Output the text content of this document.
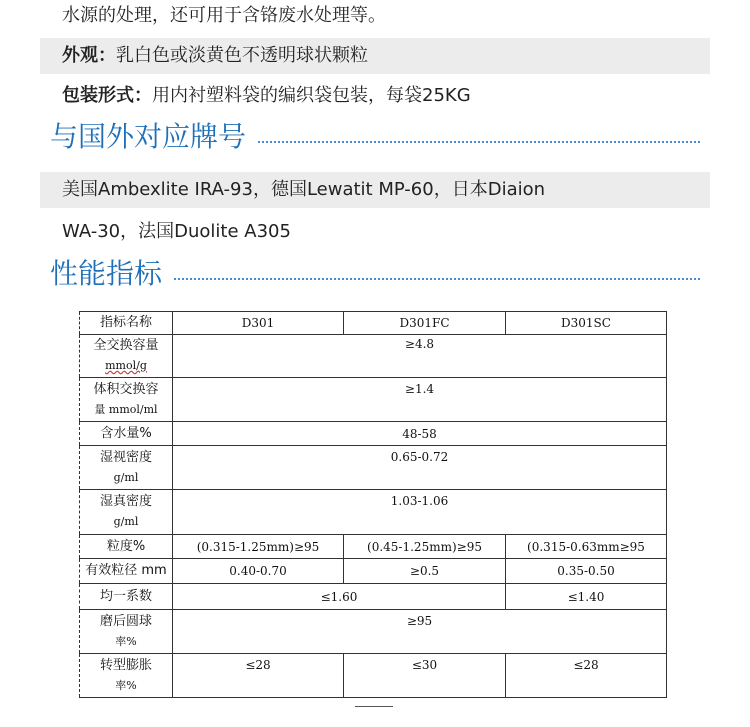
水源的处理，还可用于含铬废水处理等。
外观：乳白色或淡黄色不透明球状颗粒
包装形式：用内衬塑料袋的编织袋包装，每袋25KG
与国外对应牌号
美国Ambexlite IRA-93，德国Lewatit MP-60，日本Diaion
WA-30，法国Duolite A305
性能指标
指标名称	D301	D301FC	D301SC

全交换容量
mmol/g	≥4.8		

体积交换容
量 mmol/ml	≥1.4		
含水量%	48-58		

湿视密度
g/ml	0.65-0.72		

湿真密度
g/ml	1.03-1.06		
粒度%	(0.315-1.25mm)≥95	(0.45-1.25mm)≥95	(0.315-0.63mm≥95
有效粒径 mm	0.40-0.70	≥0.5	0.35-0.50
均一系数	≤1.60		≤1.40

磨后圆球
率%	≥95		

转型膨胀
率%	≤28	≤30	≤28
